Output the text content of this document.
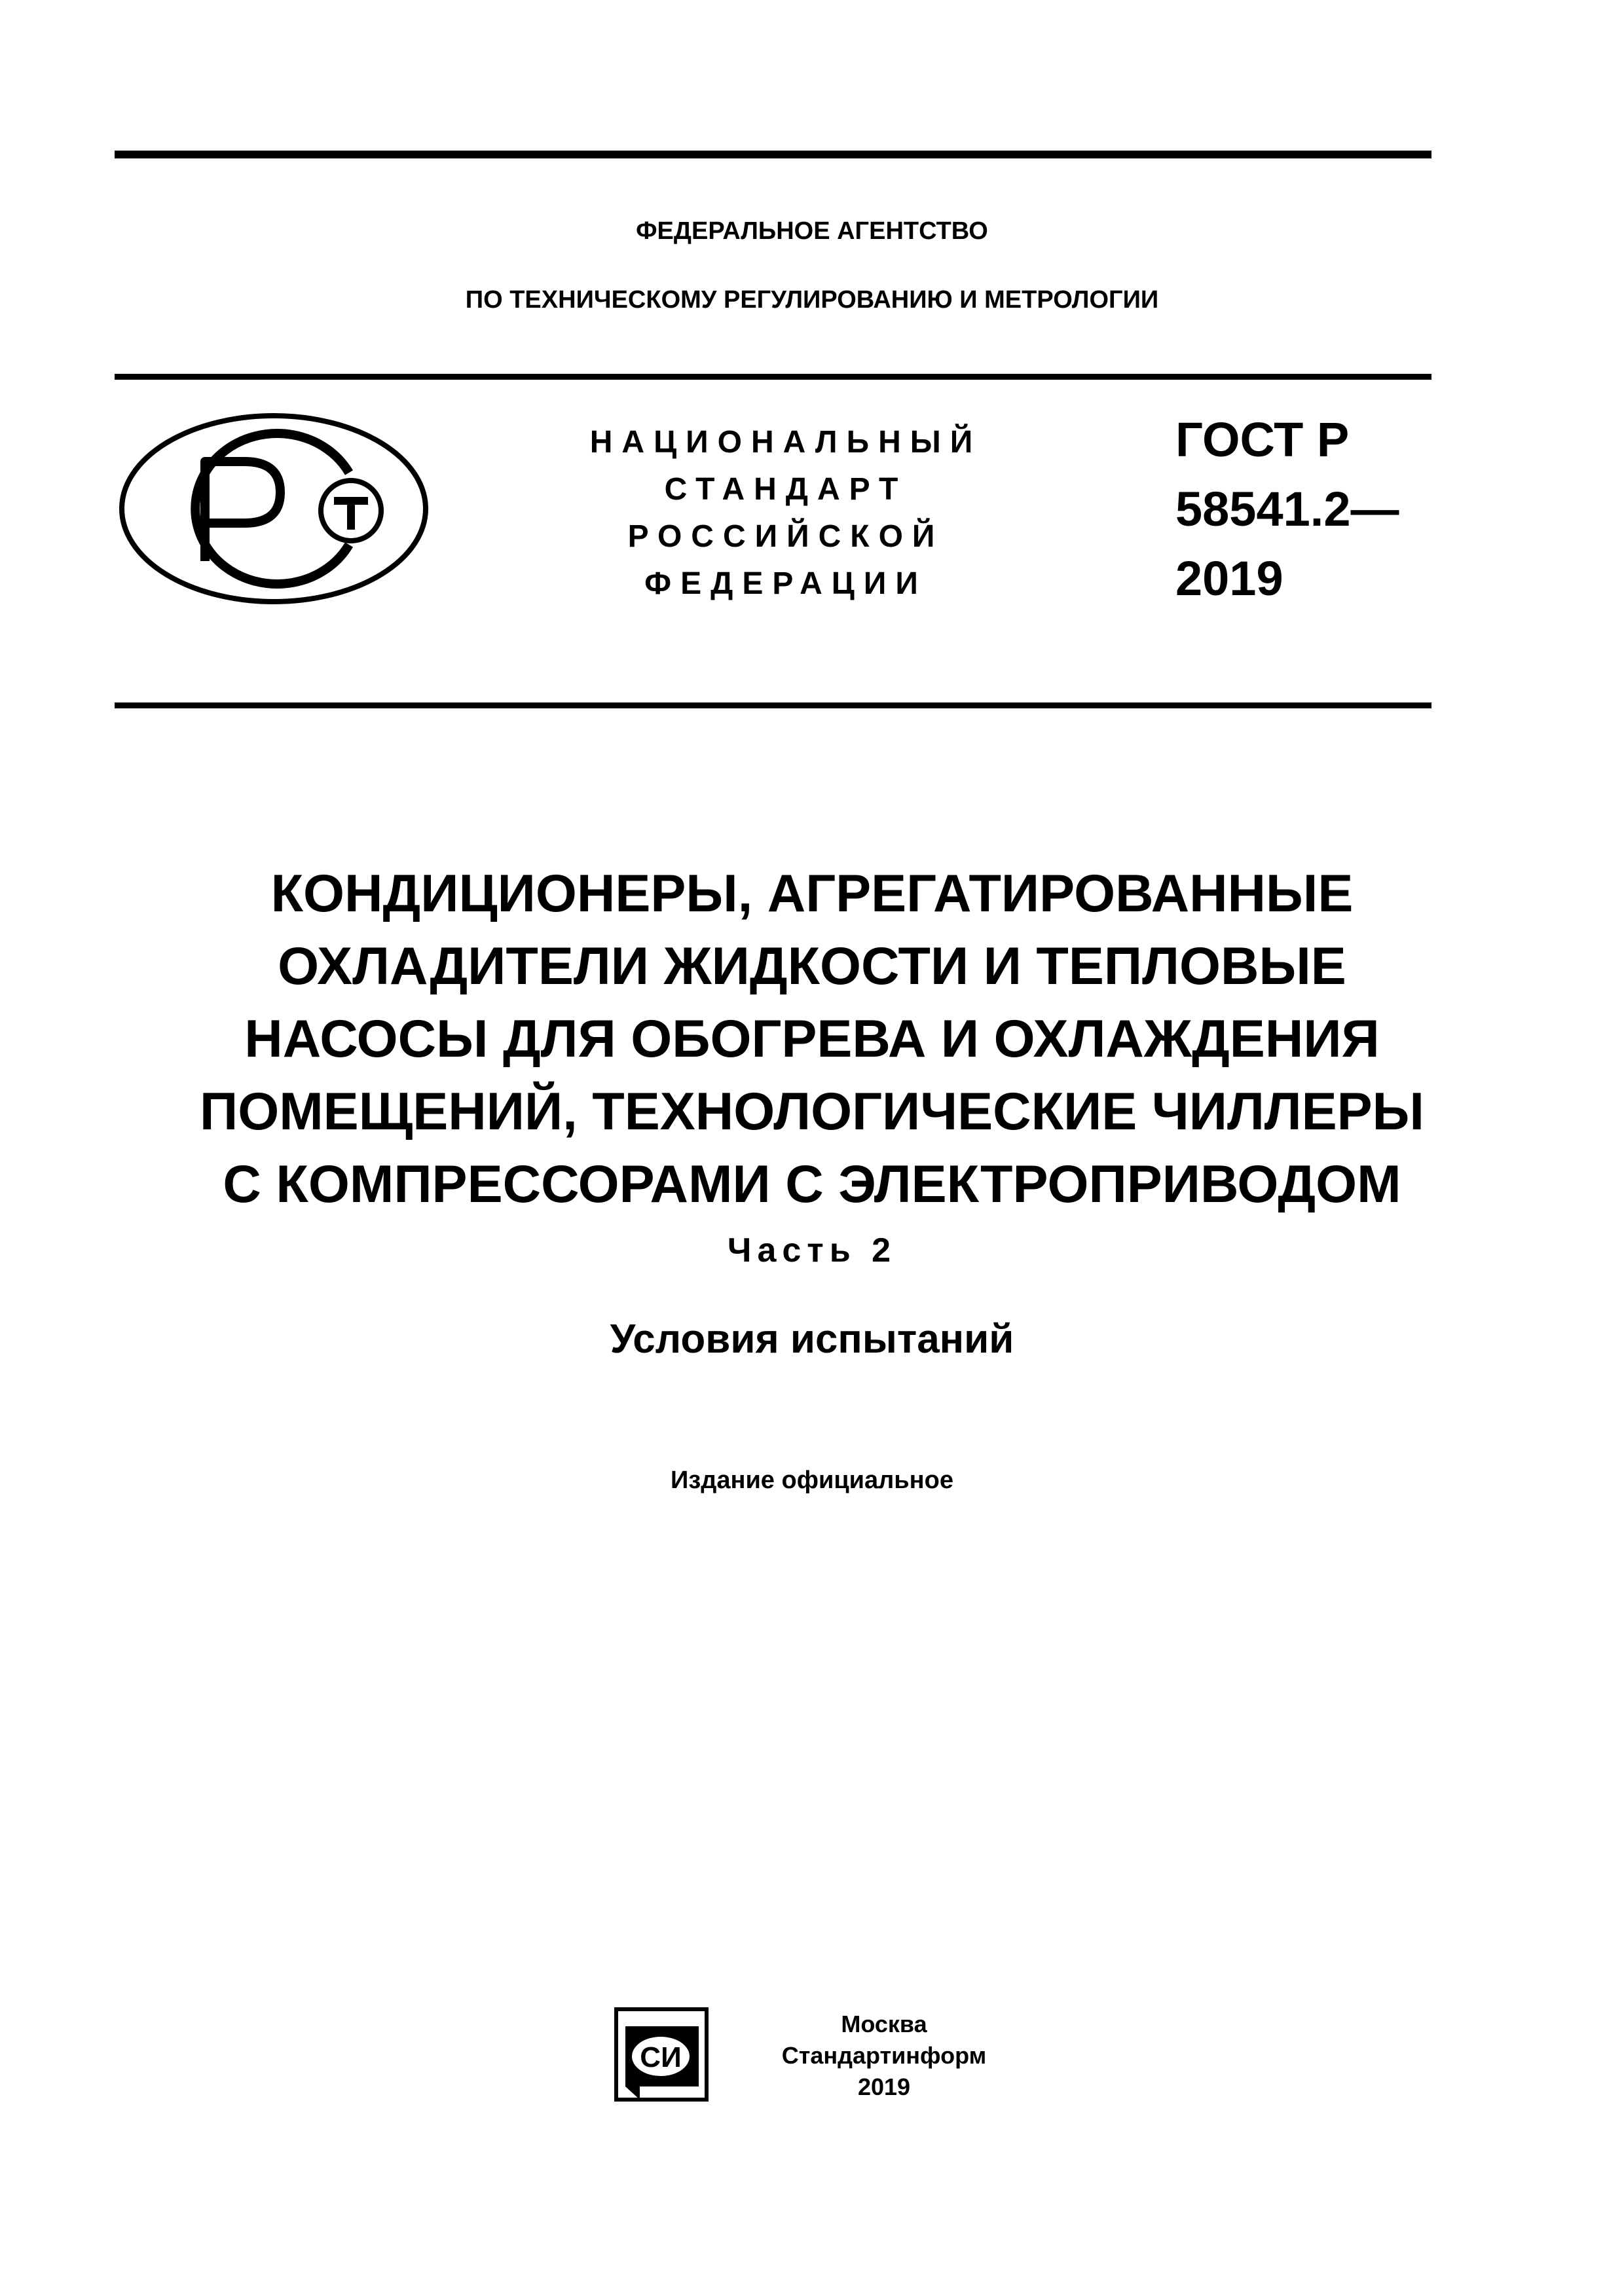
ФЕДЕРАЛЬНОЕ АГЕНТСТВО
ПО ТЕХНИЧЕСКОМУ РЕГУЛИРОВАНИЮ И МЕТРОЛОГИИ
НАЦИОНАЛЬНЫЙ
СТАНДАРТ
РОССИЙСКОЙ
ФЕДЕРАЦИИ
ГОСТ Р
58541.2—
2019
КОНДИЦИОНЕРЫ, АГРЕГАТИРОВАННЫЕ
ОХЛАДИТЕЛИ ЖИДКОСТИ И ТЕПЛОВЫЕ
НАСОСЫ ДЛЯ ОБОГРЕВА И ОХЛАЖДЕНИЯ
ПОМЕЩЕНИЙ, ТЕХНОЛОГИЧЕСКИЕ ЧИЛЛЕРЫ
С КОМПРЕССОРАМИ С ЭЛЕКТРОПРИВОДОМ
Часть 2
Условия испытаний
Издание официальное
СИ
Москва
Стандартинформ
2019
